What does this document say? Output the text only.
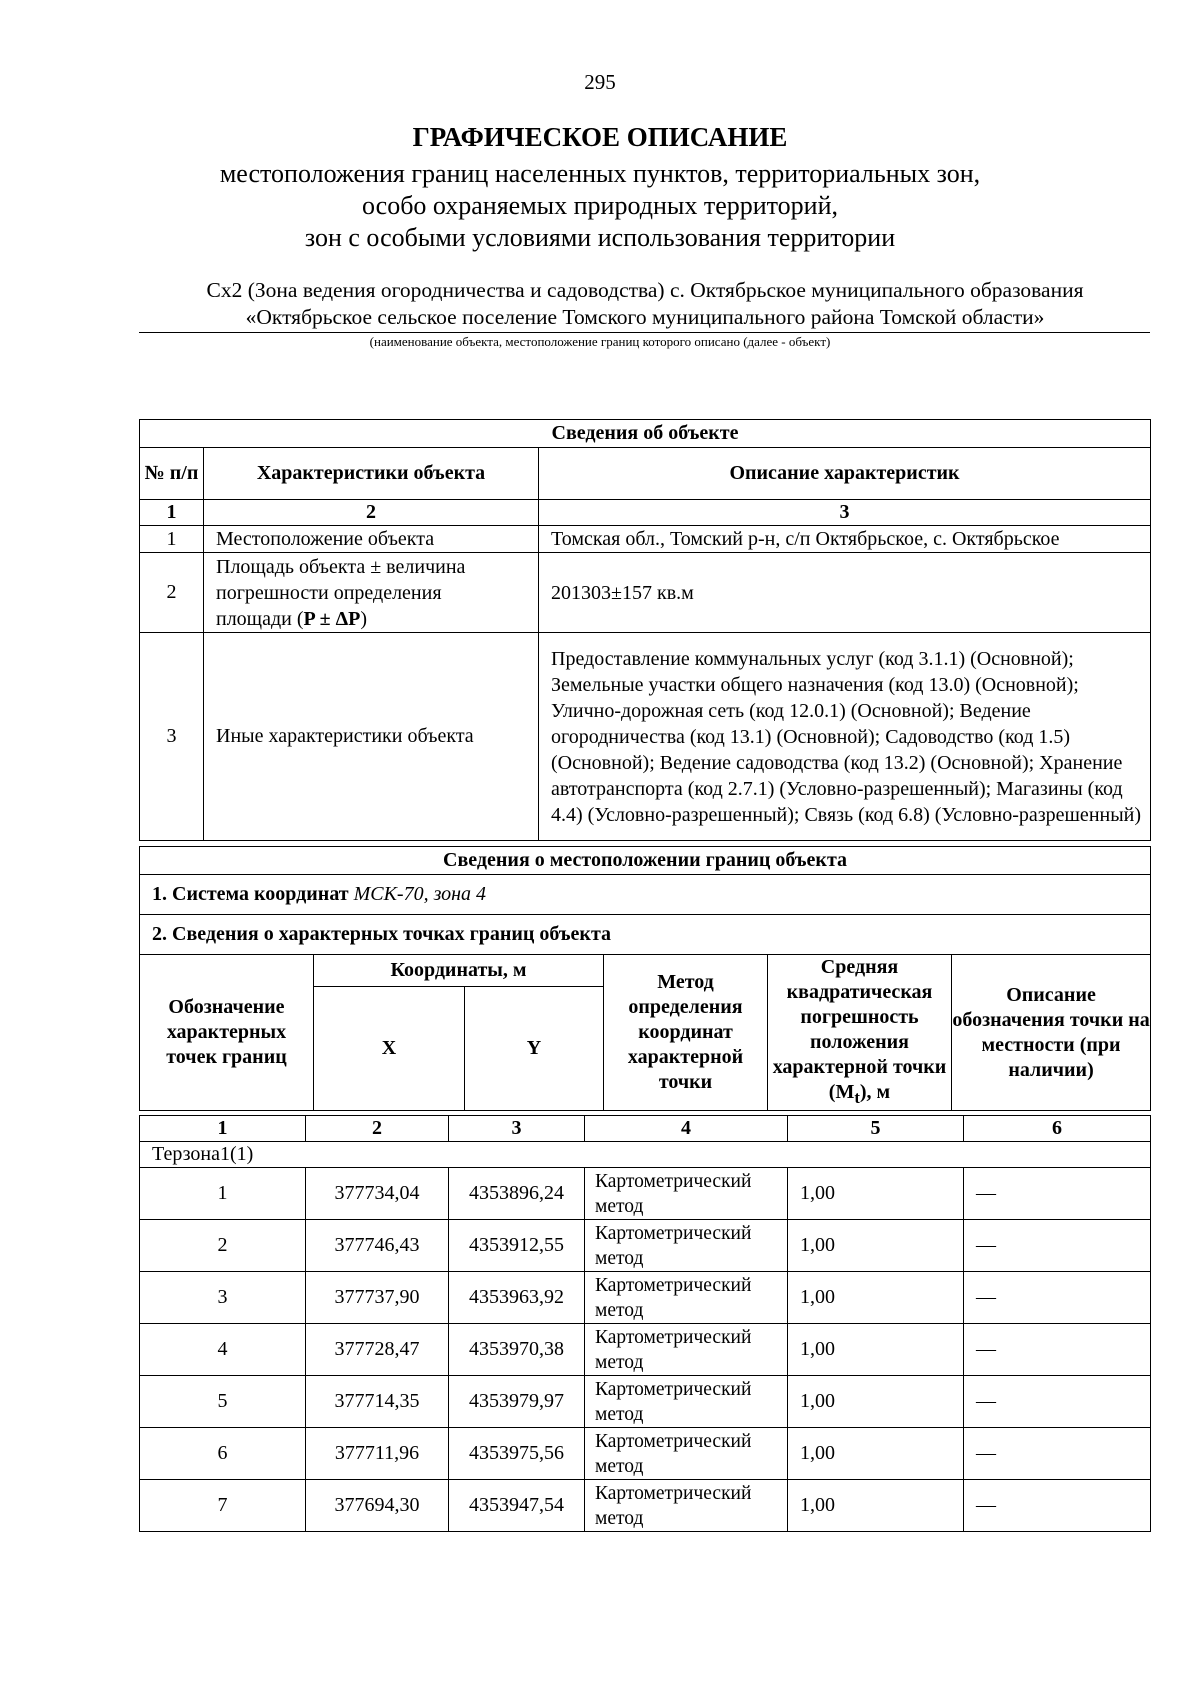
295
ГРАФИЧЕСКОЕ ОПИСАНИЕ
местоположения границ населенных пунктов, территориальных зон,
особо охраняемых природных территорий,
зон с особыми условиями использования территории
Сх2 (Зона ведения огородничества и садоводства) с. Октябрьское муниципального образования
«Октябрьское сельское поселение Томского муниципального района Томской области»
(наименование объекта, местоположение границ которого описано (далее - объект)
Сведения об объекте		
№ п/п	Характеристики объекта	Описание характеристик
1	2	3
1	Местоположение объекта	Томская обл., Томский р-н, с/п Октябрьское, с. Октябрьское
2	Площадь объекта ± величина
погрешности определения
площади (P ± ΔP)	201303±157 кв.м
3	Иные характеристики объекта	Предоставление коммунальных услуг (код 3.1.1) (Основной); Земельные участки общего назначения (код 13.0) (Основной); Улично-дорожная сеть (код 12.0.1) (Основной); Ведение огородничества (код 13.1) (Основной); Садоводство (код 1.5) (Основной); Ведение садоводства (код 13.2) (Основной); Хранение автотранспорта (код 2.7.1) (Условно-разрешенный); Магазины (код 4.4) (Условно-разрешенный); Связь (код 6.8) (Условно-разрешенный)
Сведения о местоположении границ объекта					
1. Система координат МСК-70, зона 4					
2. Сведения о характерных точках границ объекта					
Обозначение характерных точек границ	Координаты, м		Метод определения координат характерной точки	Средняя квадратическая погрешность положения характерной точки $(M_t)$, м	Описание обозначения точки на местности (при наличии)
	X	Y			
1	2	3	4	5	6
Терзона1(1)					
1	377734,04	4353896,24	Картометрический метод	1,00	—
2	377746,43	4353912,55	Картометрический метод	1,00	—
3	377737,90	4353963,92	Картометрический метод	1,00	—
4	377728,47	4353970,38	Картометрический метод	1,00	—
5	377714,35	4353979,97	Картометрический метод	1,00	—
6	377711,96	4353975,56	Картометрический метод	1,00	—
7	377694,30	4353947,54	Картометрический метод	1,00	—
